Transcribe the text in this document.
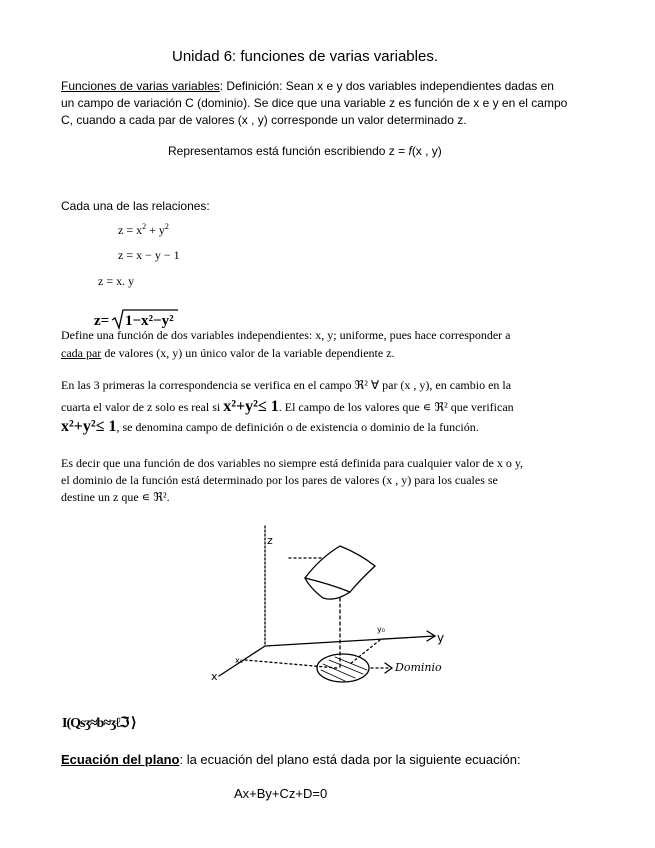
Unidad 6: funciones de varias variables.
Funciones de varias variables: Definición: Sean x e y dos variables independientes dadas en
un campo de variación C (dominio). Se dice que una variable z es función de x e y en el campo
C, cuando a cada par de valores (x , y) corresponde un valor determinado z.
Representamos está función escribiendo z = f(x , y)
Cada una de las relaciones:
$z = x^2 + y^2$
z = x − y − 1
z = x. y
z= 1−x²−y²
Define una función de dos variables independientes: x, y; uniforme, pues hace corresponder a
cada par de valores (x, y) un único valor de la variable dependiente z.
En las 3 primeras la correspondencia se verifica en el campo ℜ² ∀ par (x , y), en cambio en la
cuarta el valor de z solo es real si x²+y²≤ 1. El campo de los valores que ∊ ℜ² que verifican
x²+y²≤ 1, se denomina campo de definición o de existencia o dominio de la función.
Es decir que una función de dos variables no siempre está definida para cualquier valor de x o y,
el dominio de la función está determinado por los pares de valores (x , y) para los cuales se
destine un z que ∊ ℜ².
z
y
x
x₀
y₀
Dominio
I(Qsʒ≈b≈ʒℓℑ ⟩
Ecuación del plano: la ecuación del plano está dada por la siguiente ecuación:
Ax+By+Cz+D=0
